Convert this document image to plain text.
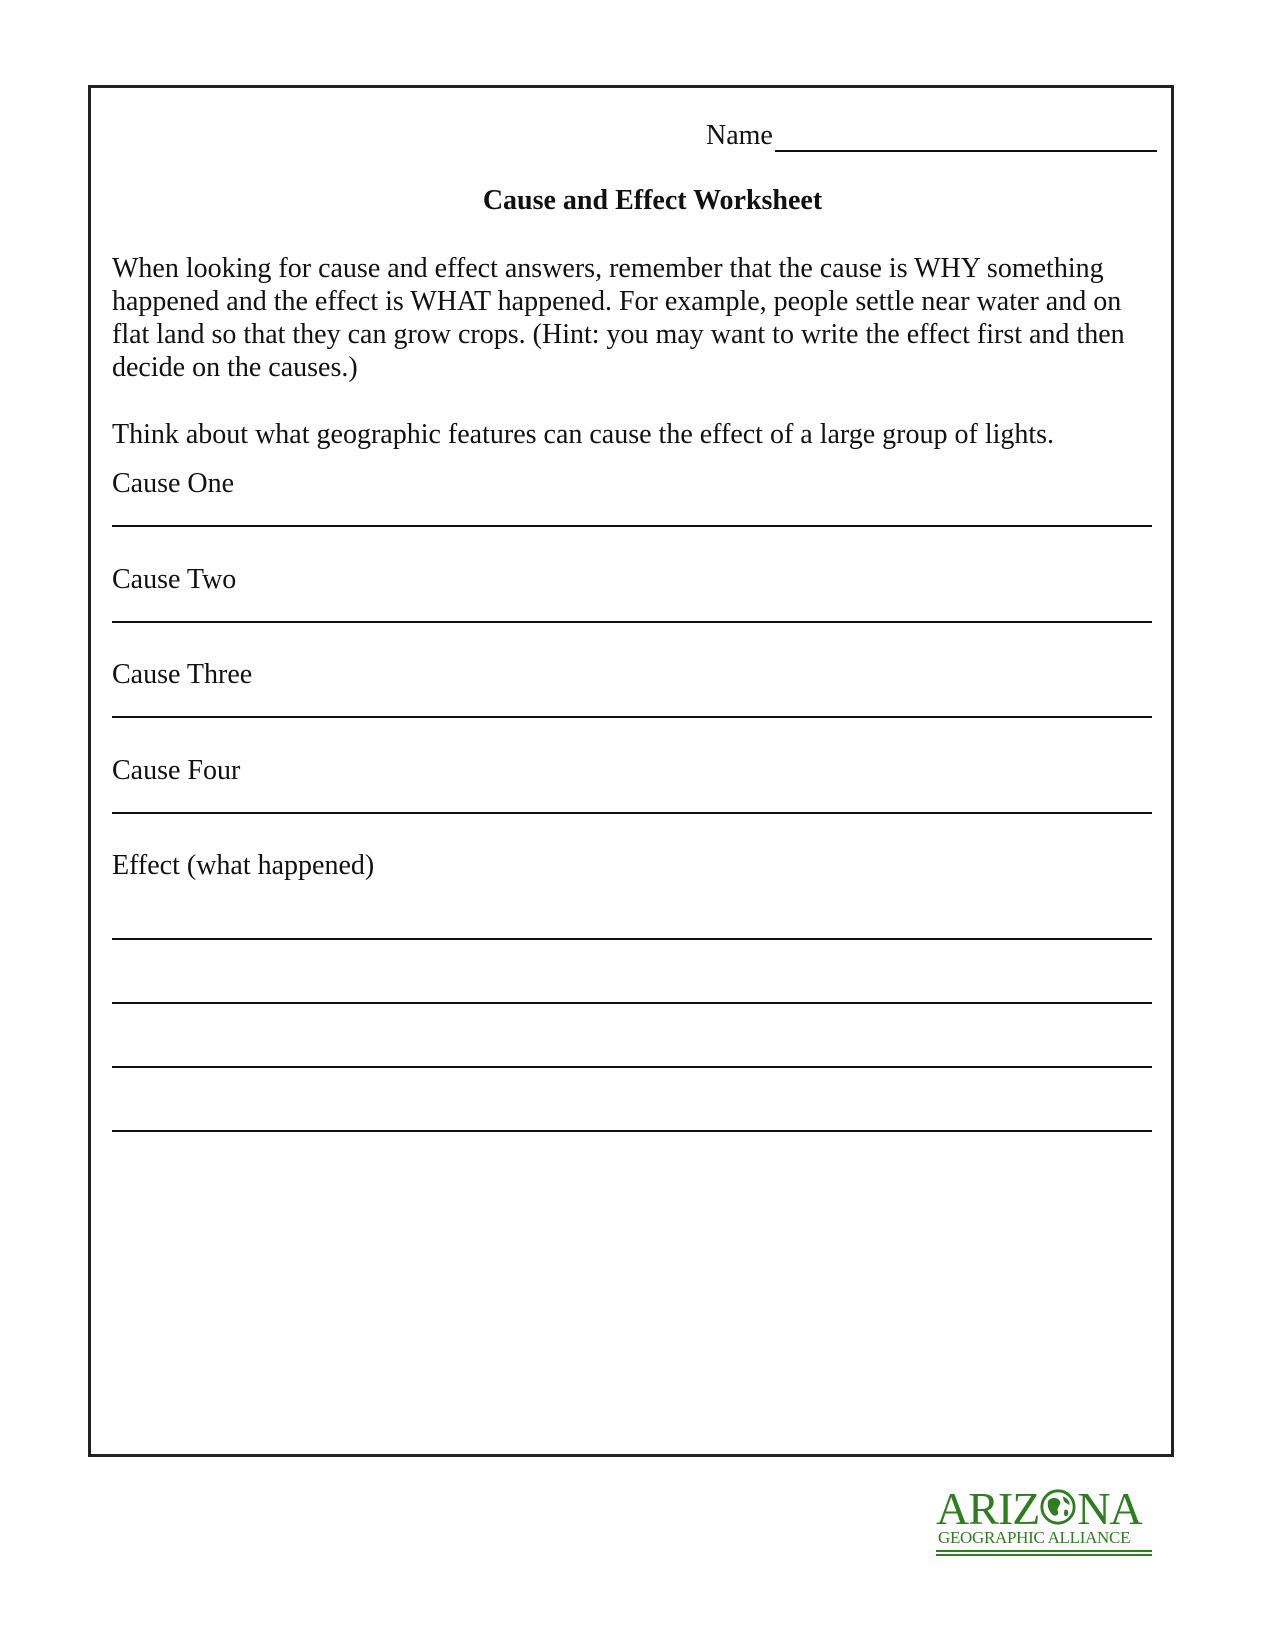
Name
Cause and Effect Worksheet

When looking for cause and effect answers, remember that the cause is WHY something happened and the effect is WHAT happened. For example, people settle near water and on flat land so that they can grow crops. (Hint: you may want to write the effect first and then decide on the causes.)

Think about what geographic features can cause the effect of a large group of lights.

Cause One

Cause Two

Cause Three

Cause Four

Effect (what happened)

ARIZ NA
GEOGRAPHIC ALLIANCE
